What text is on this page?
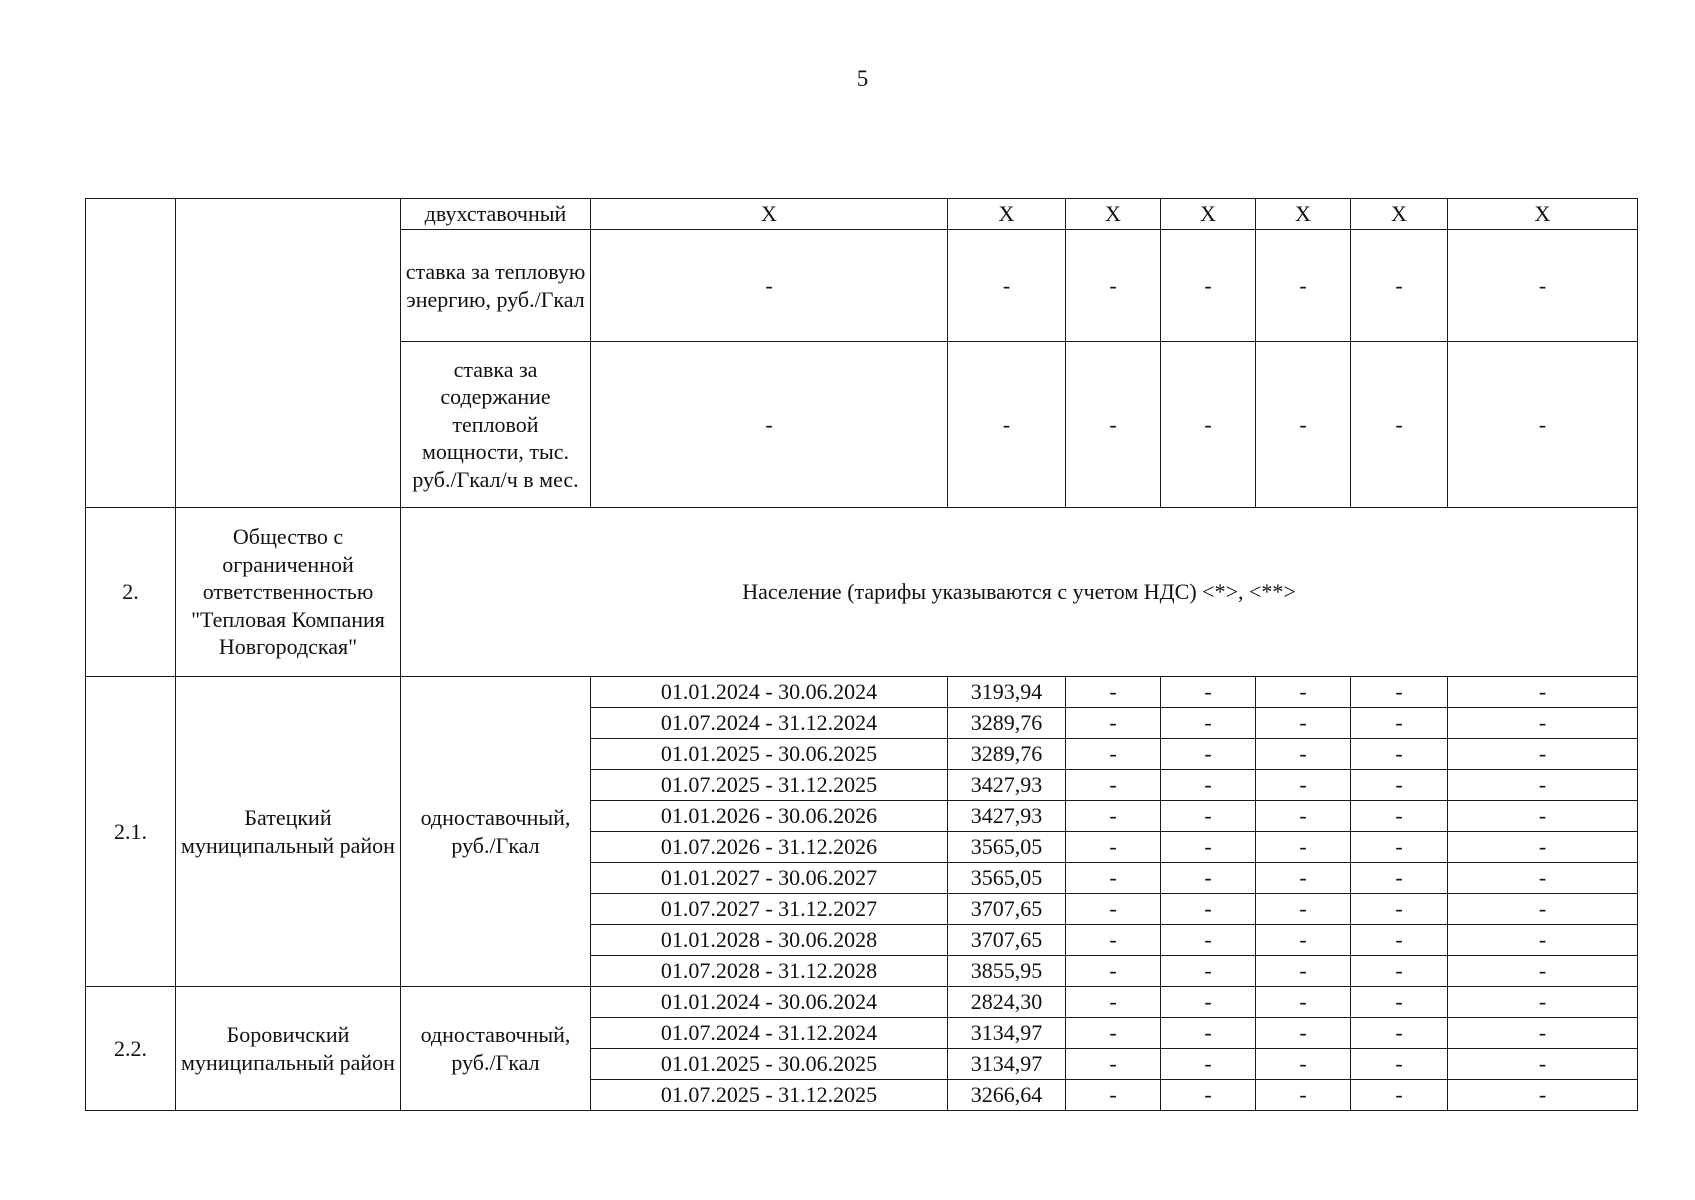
5
		двухставочный	X	X	X	X	X	X	X
		ставка за тепловую энергию, руб./Гкал	-	-	-	-	-	-	-
		ставка за содержание тепловой мощности, тыс. руб./Гкал/ч в мес.	-	-	-	-	-	-	-
2.	Общество с ограниченной ответственностью "Тепловая Компания Новгородская"	Население (тарифы указываются с учетом НДС) <*>, <**>							
2.1.	Батецкий муниципальный район	одноставочный, руб./Гкал	01.01.2024 - 30.06.2024	3193,94	-	-	-	-	-
			01.07.2024 - 31.12.2024	3289,76	-	-	-	-	-
			01.01.2025 - 30.06.2025	3289,76	-	-	-	-	-
			01.07.2025 - 31.12.2025	3427,93	-	-	-	-	-
			01.01.2026 - 30.06.2026	3427,93	-	-	-	-	-
			01.07.2026 - 31.12.2026	3565,05	-	-	-	-	-
			01.01.2027 - 30.06.2027	3565,05	-	-	-	-	-
			01.07.2027 - 31.12.2027	3707,65	-	-	-	-	-
			01.01.2028 - 30.06.2028	3707,65	-	-	-	-	-
			01.07.2028 - 31.12.2028	3855,95	-	-	-	-	-
2.2.	Боровичский муниципальный район	одноставочный, руб./Гкал	01.01.2024 - 30.06.2024	2824,30	-	-	-	-	-
			01.07.2024 - 31.12.2024	3134,97	-	-	-	-	-
			01.01.2025 - 30.06.2025	3134,97	-	-	-	-	-
			01.07.2025 - 31.12.2025	3266,64	-	-	-	-	-
